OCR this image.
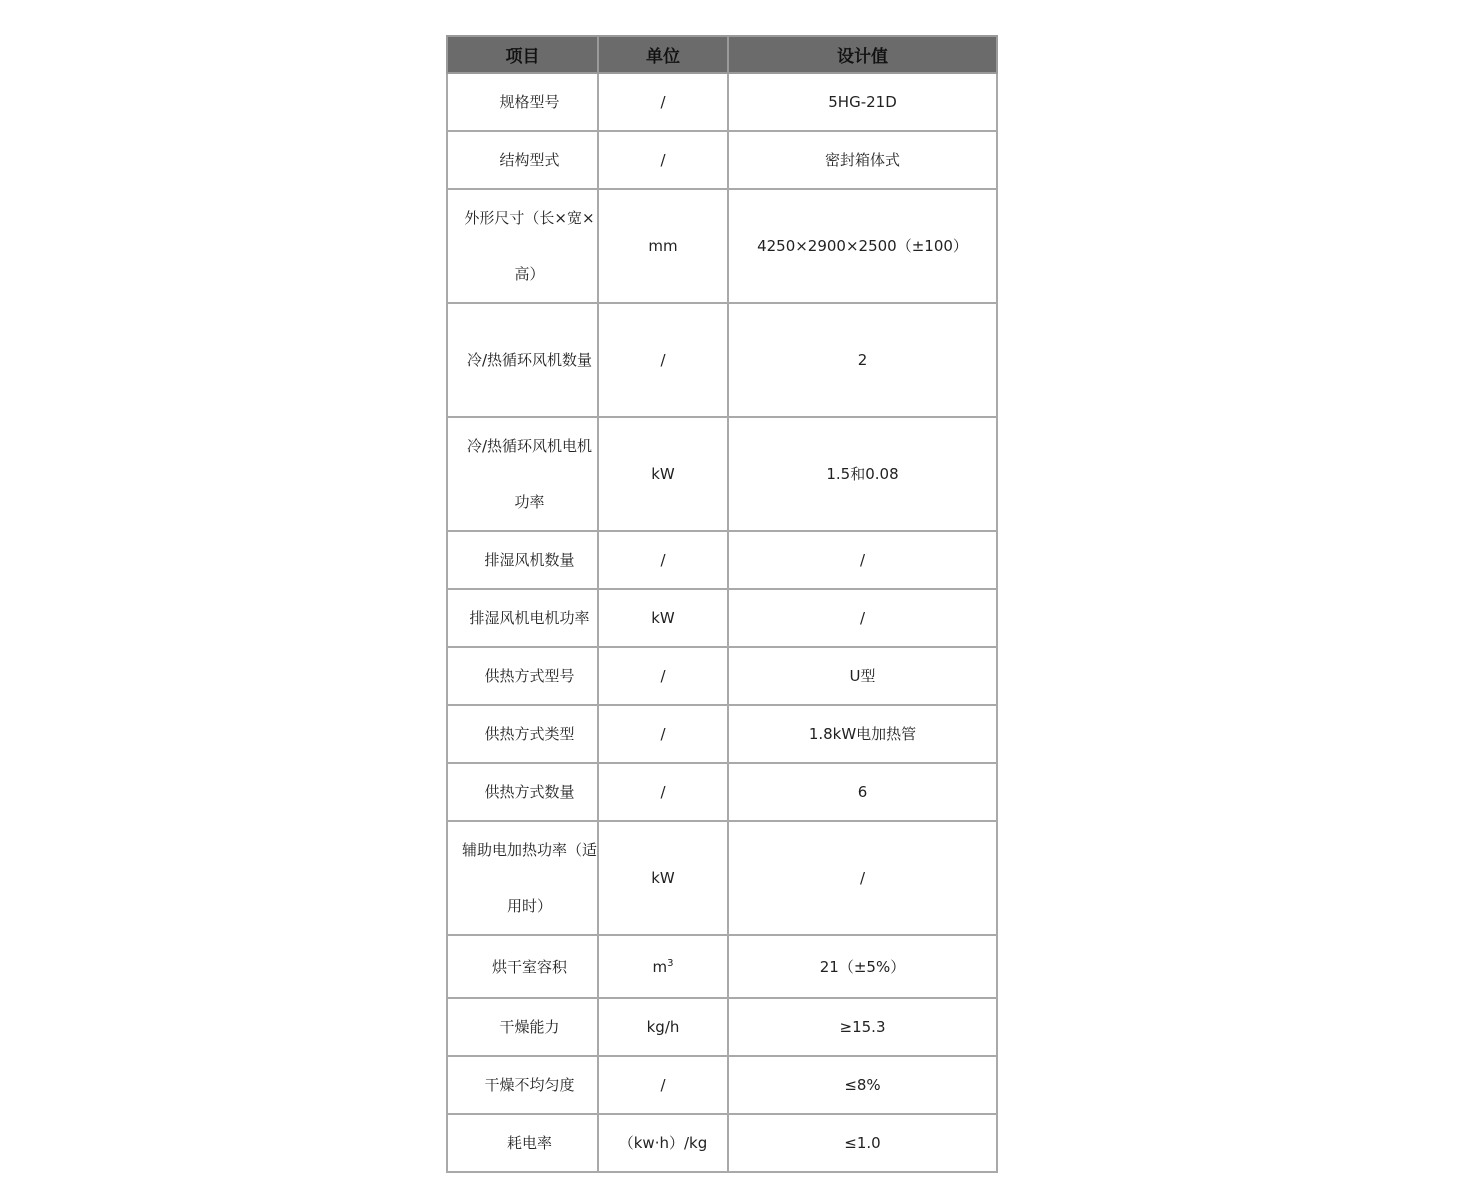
项目	单位	设计值
规格型号	/	5HG-21D
结构型式	/	密封箱体式
外形尺寸（长×宽×高）	mm	4250×2900×2500（±100）
冷/热循环风机数量	/	2
冷/热循环风机电机功率	kW	1.5和0.08
排湿风机数量	/	/
排湿风机电机功率	kW	/
供热方式型号	/	U型
供热方式类型	/	1.8kW电加热管
供热方式数量	/	6
辅助电加热功率（适用时）	kW	/
烘干室容积	$m^3$	21（±5%）
干燥能力	kg/h	≥15.3
干燥不均匀度	/	≤8%
耗电率	（kw·h）/kg	≤1.0
